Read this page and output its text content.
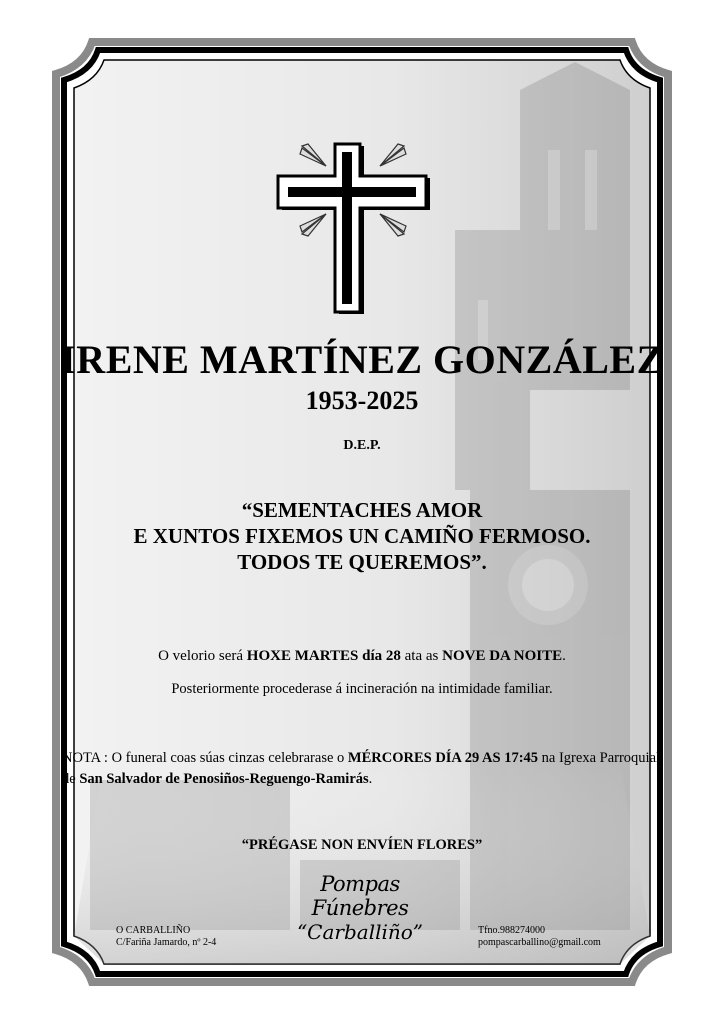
IRENE MARTÍNEZ GONZÁLEZ
1953-2025
D.E.P.
“SEMENTACHES AMOR
E XUNTOS FIXEMOS UN CAMIÑO FERMOSO.
TODOS TE QUEREMOS”.
O velorio será HOXE MARTES día 28 ata as NOVE DA NOITE.
Posteriormente procederase á incineración na intimidade familiar.
NOTA : O funeral coas súas cinzas celebrarase o MÉRCORES DÍA 29 AS 17:45 na Igrexa Parroquial de San Salvador de Penosiños-Reguengo-Ramirás.
“PRÉGASE NON ENVÍEN FLORES”
Pompas Fúnebres
“Carballiño”
O CARBALLIÑO
C/Fariña Jamardo, nº 2-4
Tfno.988274000
pompascarballino@gmail.com
